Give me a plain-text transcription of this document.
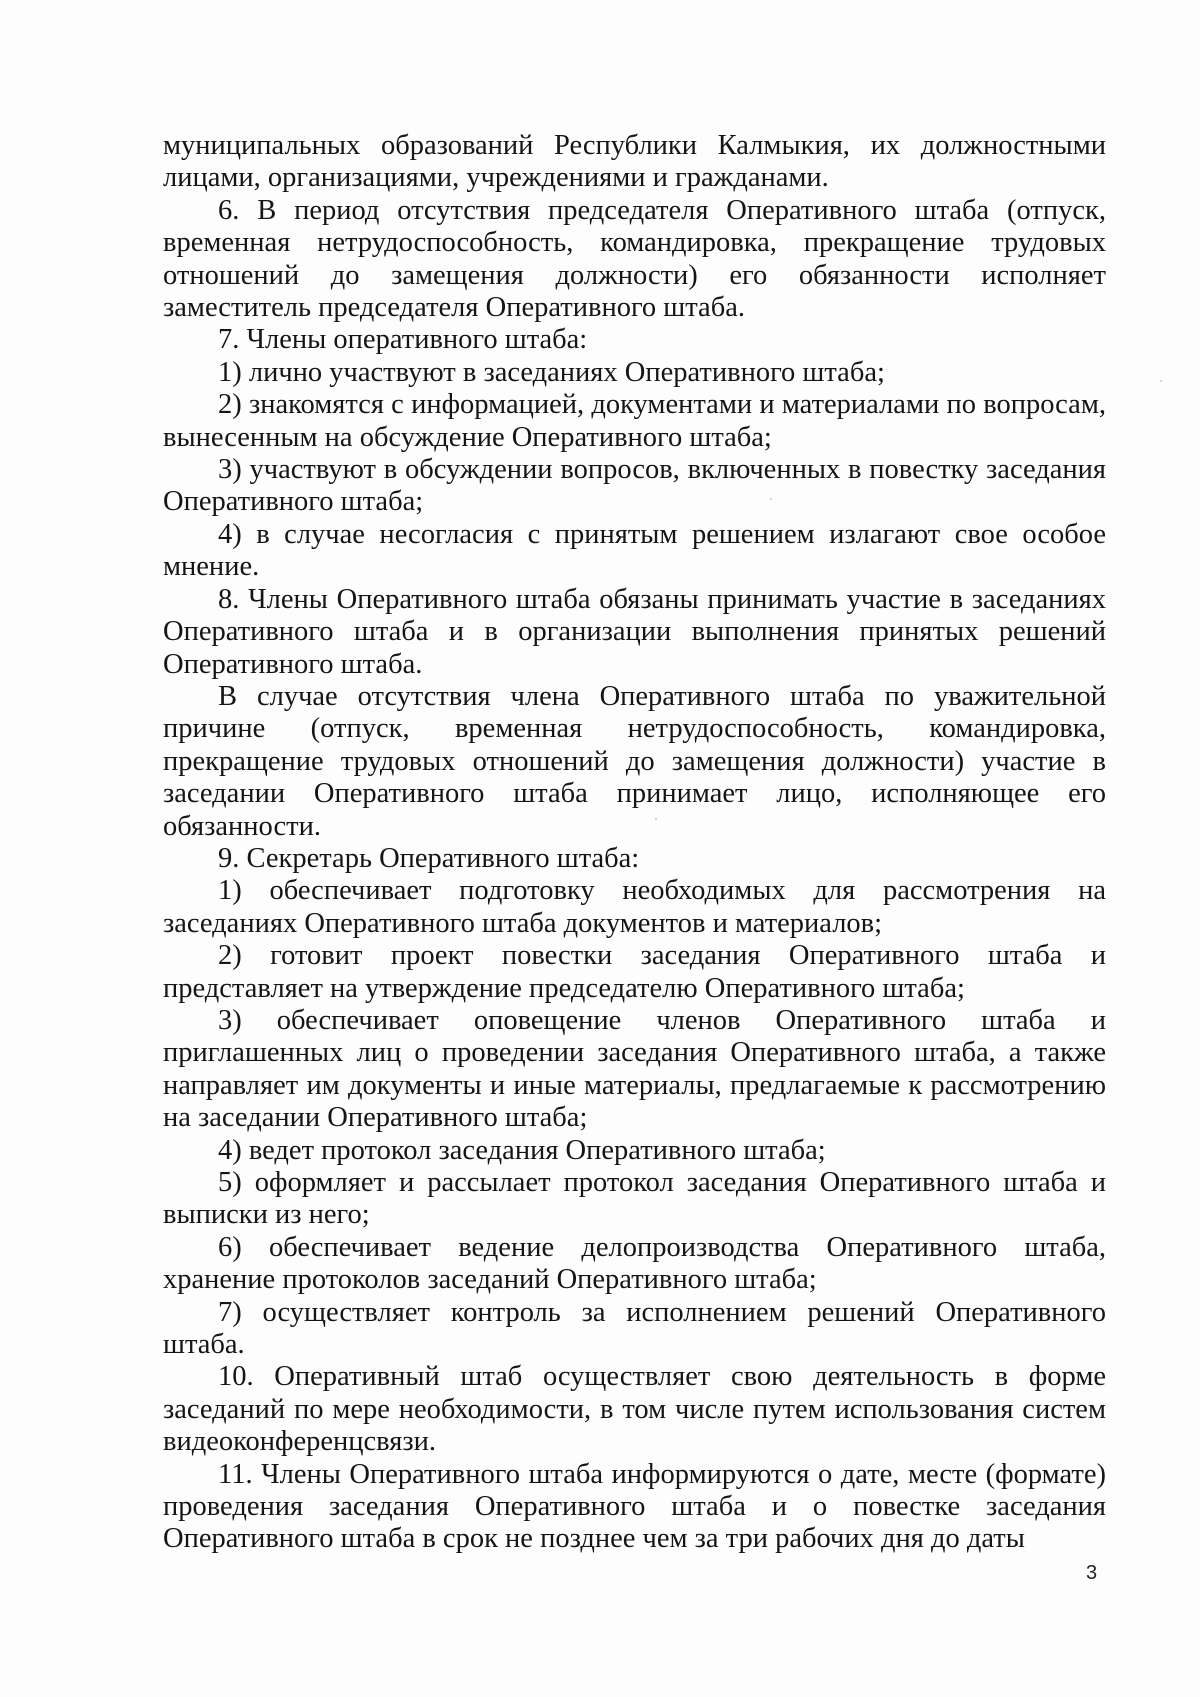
муниципальных образований Республики Калмыкия, их должностными лицами, организациями, учреждениями и гражданами.

6. В период отсутствия председателя Оперативного штаба (отпуск, временная нетрудоспособность, командировка, прекращение трудовых отношений до замещения должности) его обязанности исполняет заместитель председателя Оперативного штаба.

7. Члены оперативного штаба:

1) лично участвуют в заседаниях Оперативного штаба;

2) знакомятся с информацией, документами и материалами по вопросам, вынесенным на обсуждение Оперативного штаба;

3) участвуют в обсуждении вопросов, включенных в повестку заседания Оперативного штаба;

4) в случае несогласия с принятым решением излагают свое особое мнение.

8. Члены Оперативного штаба обязаны принимать участие в заседаниях Оперативного штаба и в организации выполнения принятых решений Оперативного штаба.

В случае отсутствия члена Оперативного штаба по уважительной причине (отпуск, временная нетрудоспособность, командировка, прекращение трудовых отношений до замещения должности) участие в заседании Оперативного штаба принимает лицо, исполняющее его обязанности.

9. Секретарь Оперативного штаба:

1) обеспечивает подготовку необходимых для рассмотрения на заседаниях Оперативного штаба документов и материалов;

2) готовит проект повестки заседания Оперативного штаба и представляет на утверждение председателю Оперативного штаба;

3) обеспечивает оповещение членов Оперативного штаба и приглашенных лиц о проведении заседания Оперативного штаба, а также направляет им документы и иные материалы, предлагаемые к рассмотрению на заседании Оперативного штаба;

4) ведет протокол заседания Оперативного штаба;

5) оформляет и рассылает протокол заседания Оперативного штаба и выписки из него;

6) обеспечивает ведение делопроизводства Оперативного штаба, хранение протоколов заседаний Оперативного штаба;

7) осуществляет контроль за исполнением решений Оперативного штаба.

10. Оперативный штаб осуществляет свою деятельность в форме заседаний по мере необходимости, в том числе путем использования систем видеоконференцсвязи.

11. Члены Оперативного штаба информируются о дате, месте (формате) проведения заседания Оперативного штаба и о повестке заседания Оперативного штаба в срок не позднее чем за три рабочих дня до даты

3
